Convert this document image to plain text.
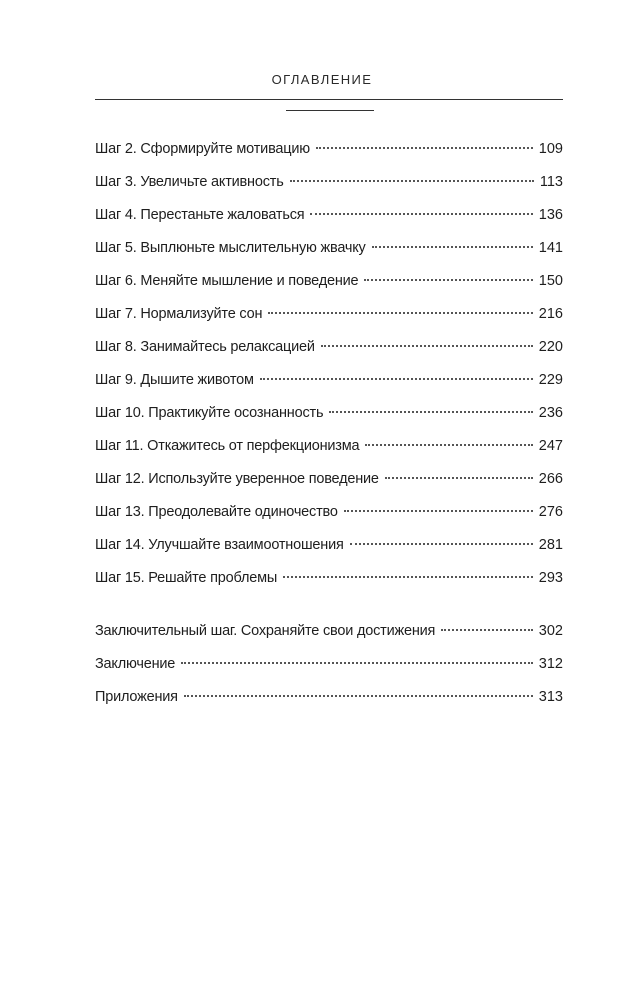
ОГЛАВЛЕНИЕ
Шаг 2. Сформируйте мотивацию	109
Шаг 3. Увеличьте активность	113
Шаг 4. Перестаньте жаловаться	136
Шаг 5. Выплюньте мыслительную жвачку	141
Шаг 6. Меняйте мышление и поведение	150
Шаг 7. Нормализуйте сон	216
Шаг 8. Занимайтесь релаксацией	220
Шаг 9. Дышите животом	229
Шаг 10. Практикуйте осознанность	236
Шаг 11. Откажитесь от перфекционизма	247
Шаг 12. Используйте уверенное поведение	266
Шаг 13. Преодолевайте одиночество	276
Шаг 14. Улучшайте взаимоотношения	281
Шаг 15. Решайте проблемы	293
Заключительный шаг. Сохраняйте свои достижения	302
Заключение	312
Приложения	313
